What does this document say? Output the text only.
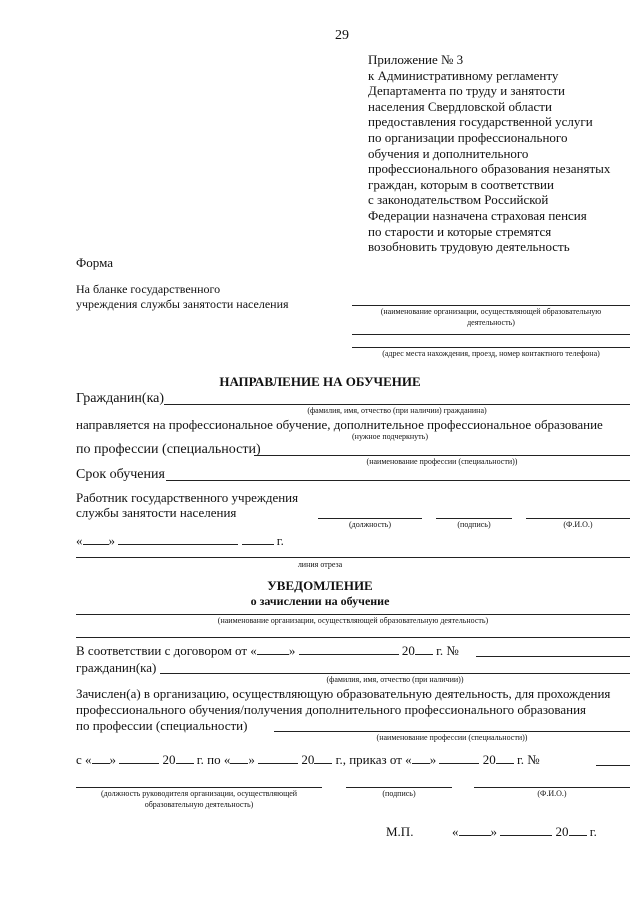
29
Приложение № 3
к Административному регламенту
Департамента по труду и занятости
населения Свердловской области
предоставления государственной услуги
по организации профессионального
обучения и дополнительного
профессионального образования незанятых
граждан, которым в соответствии
с законодательством Российской
Федерации назначена страховая пенсия
по старости и которые стремятся
возобновить трудовую деятельность
Форма
На бланке государственного
учреждения службы занятости населения
(наименование организации, осуществляющей образовательную
деятельность)
(адрес места нахождения, проезд, номер контактного телефона)
НАПРАВЛЕНИЕ НА ОБУЧЕНИЕ
Гражданин(ка)
(фамилия, имя, отчество (при наличии) гражданина)
направляется на профессиональное обучение, дополнительное профессиональное образование
(нужное подчеркнуть)
по профессии (специальности)
(наименование профессии (специальности))
Срок обучения
Работник государственного учреждения
службы занятости населения
(должность)	(подпись)	(Ф.И.О.)
« »	г.
линия отреза
УВЕДОМЛЕНИЕ
о зачислении на обучение
(наименование организации, осуществляющей образовательную деятельность)
В соответствии с договором от « »	20 г. №
гражданин(ка)
(фамилия, имя, отчество (при наличии))
Зачислен(а) в организацию, осуществляющую образовательную деятельность, для прохождения
профессионального обучения/получения дополнительного профессионального образования
по профессии (специальности)
(наименование профессии (специальности))
с « »	20 г. по « »	20 г., приказ от « »	20 г. №
(должность руководителя организации, осуществляющей
образовательную деятельность)
(подпись)	(Ф.И.О.)
М.П.	« »	20 г.
